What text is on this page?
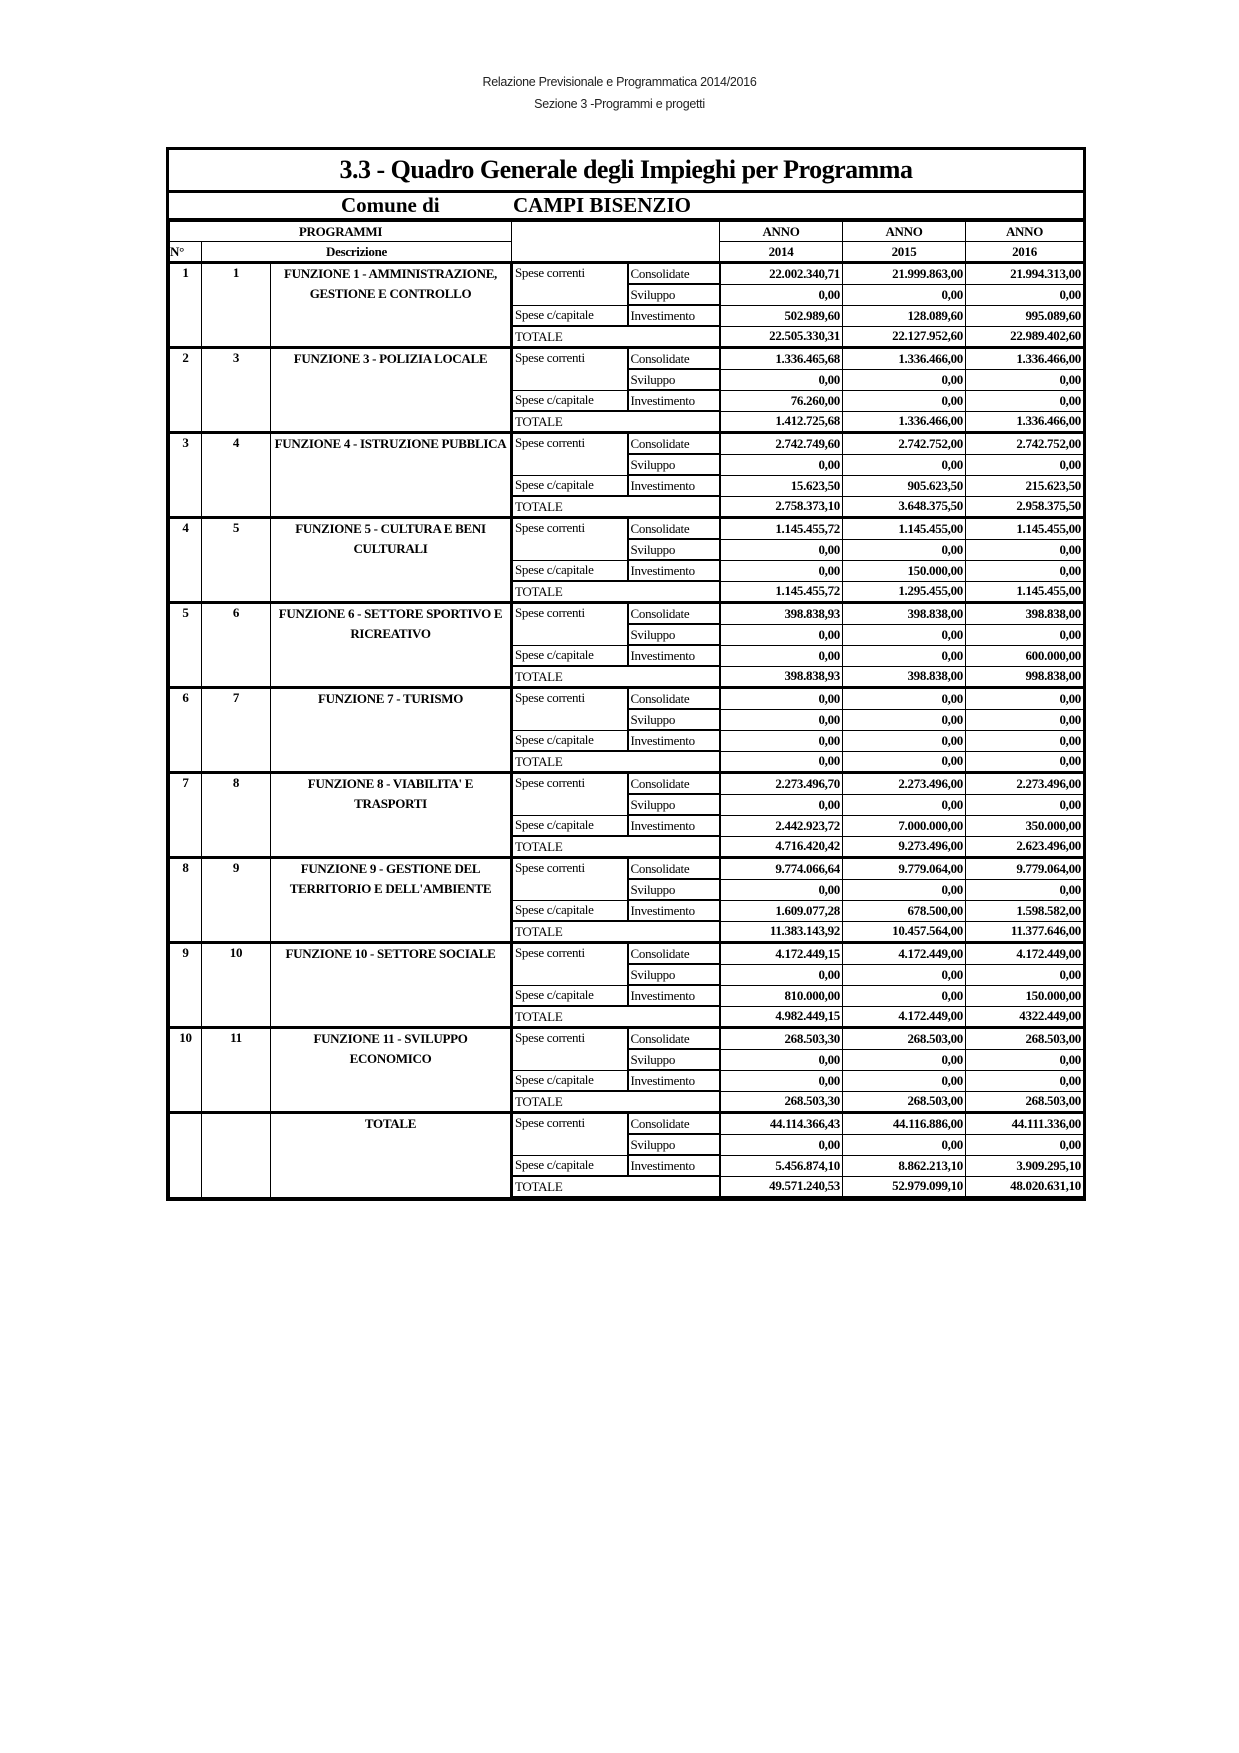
Relazione Previsionale e Programmatica 2014/2016
Sezione 3 -Programmi e progetti
3.3 - Quadro Generale degli Impieghi per Programma
Comune di	CAMPI BISENZIO
PROGRAMMI					ANNO	ANNO	ANNO
N°	Descrizione				2014	2015	2016
1	1	FUNZIONE 1 - AMMINISTRAZIONE, GESTIONE E CONTROLLO	Spese correnti	Consolidate	22.002.340,71	21.999.863,00	21.994.313,00
				Sviluppo	0,00	0,00	0,00
			Spese c/capitale	Investimento	502.989,60	128.089,60	995.089,60
			TOTALE		22.505.330,31	22.127.952,60	22.989.402,60
2	3	FUNZIONE 3 - POLIZIA LOCALE	Spese correnti	Consolidate	1.336.465,68	1.336.466,00	1.336.466,00
				Sviluppo	0,00	0,00	0,00
			Spese c/capitale	Investimento	76.260,00	0,00	0,00
			TOTALE		1.412.725,68	1.336.466,00	1.336.466,00
3	4	FUNZIONE 4 - ISTRUZIONE PUBBLICA	Spese correnti	Consolidate	2.742.749,60	2.742.752,00	2.742.752,00
				Sviluppo	0,00	0,00	0,00
			Spese c/capitale	Investimento	15.623,50	905.623,50	215.623,50
			TOTALE		2.758.373,10	3.648.375,50	2.958.375,50
4	5	FUNZIONE 5 - CULTURA E BENI CULTURALI	Spese correnti	Consolidate	1.145.455,72	1.145.455,00	1.145.455,00
				Sviluppo	0,00	0,00	0,00
			Spese c/capitale	Investimento	0,00	150.000,00	0,00
			TOTALE		1.145.455,72	1.295.455,00	1.145.455,00
5	6	FUNZIONE 6 - SETTORE SPORTIVO E RICREATIVO	Spese correnti	Consolidate	398.838,93	398.838,00	398.838,00
				Sviluppo	0,00	0,00	0,00
			Spese c/capitale	Investimento	0,00	0,00	600.000,00
			TOTALE		398.838,93	398.838,00	998.838,00
6	7	FUNZIONE 7 - TURISMO	Spese correnti	Consolidate	0,00	0,00	0,00
				Sviluppo	0,00	0,00	0,00
			Spese c/capitale	Investimento	0,00	0,00	0,00
			TOTALE		0,00	0,00	0,00
7	8	FUNZIONE 8 - VIABILITA' E TRASPORTI	Spese correnti	Consolidate	2.273.496,70	2.273.496,00	2.273.496,00
				Sviluppo	0,00	0,00	0,00
			Spese c/capitale	Investimento	2.442.923,72	7.000.000,00	350.000,00
			TOTALE		4.716.420,42	9.273.496,00	2.623.496,00
8	9	FUNZIONE 9 - GESTIONE DEL TERRITORIO E DELL'AMBIENTE	Spese correnti	Consolidate	9.774.066,64	9.779.064,00	9.779.064,00
				Sviluppo	0,00	0,00	0,00
			Spese c/capitale	Investimento	1.609.077,28	678.500,00	1.598.582,00
			TOTALE		11.383.143,92	10.457.564,00	11.377.646,00
9	10	FUNZIONE 10 - SETTORE SOCIALE	Spese correnti	Consolidate	4.172.449,15	4.172.449,00	4.172.449,00
				Sviluppo	0,00	0,00	0,00
			Spese c/capitale	Investimento	810.000,00	0,00	150.000,00
			TOTALE		4.982.449,15	4.172.449,00	4322.449,00
10	11	FUNZIONE 11 - SVILUPPO ECONOMICO	Spese correnti	Consolidate	268.503,30	268.503,00	268.503,00
				Sviluppo	0,00	0,00	0,00
			Spese c/capitale	Investimento	0,00	0,00	0,00
			TOTALE		268.503,30	268.503,00	268.503,00
		TOTALE	Spese correnti	Consolidate	44.114.366,43	44.116.886,00	44.111.336,00
				Sviluppo	0,00	0,00	0,00
			Spese c/capitale	Investimento	5.456.874,10	8.862.213,10	3.909.295,10
			TOTALE		49.571.240,53	52.979.099,10	48.020.631,10
